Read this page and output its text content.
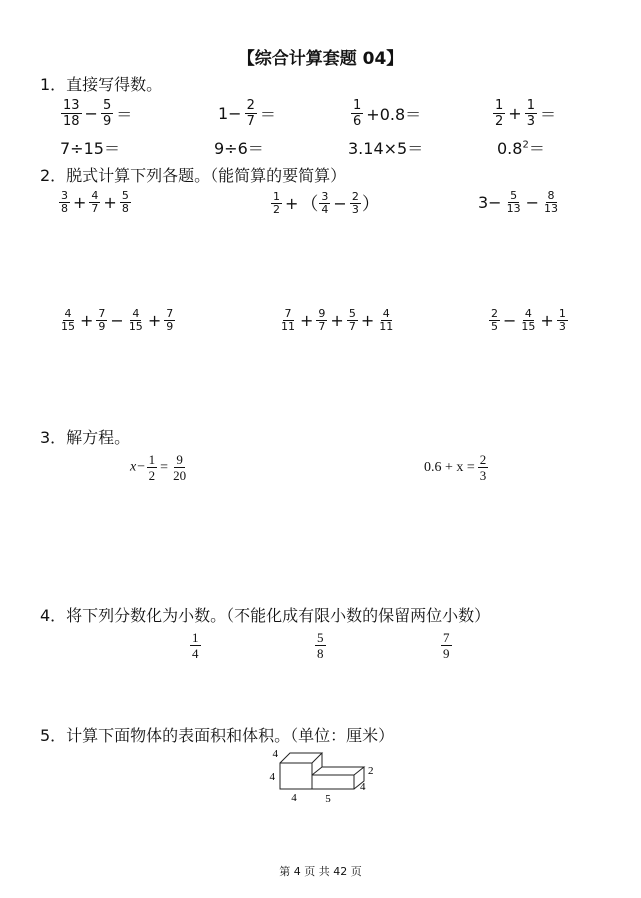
【综合计算套题 04】
1．直接写得数。
$\frac{13}{18} - \frac{5}{9}$ ＝	$1- \frac{2}{7}$ ＝	$\frac{1}{6} +0.8=$	$\frac{1}{2} + \frac{1}{3}$ ＝
7÷15＝	9÷6＝	3.14×5＝	$0.8^2=$
2．脱式计算下列各题。（能简算的要简算）
$\frac{3}{8} + \frac{4}{7} + \frac{5}{8}$	$\frac{1}{2}$ + （ $\frac{3}{4} - \frac{2}{3}$ ）	$3- \frac{5}{13} - \frac{8}{13}$
$\frac{4}{15} + \frac{7}{9} - \frac{4}{15} + \frac{7}{9}$	$\frac{7}{11} + \frac{9}{7} + \frac{5}{7} + \frac{4}{11}$	$\frac{2}{5} - \frac{4}{15} + \frac{1}{3}$
3．解方程。
$x- \frac{1}{2} = \frac{9}{20}$	$0.6 + x = \frac{2}{3}$
4．将下列分数化为小数。（不能化成有限小数的保留两位小数）
$\frac{1}{4}$	$\frac{5}{8}$	$\frac{7}{9}$
5．计算下面物体的表面积和体积。（单位：厘米）
4
4	2
4
4	5
第 4 页 共 42 页
